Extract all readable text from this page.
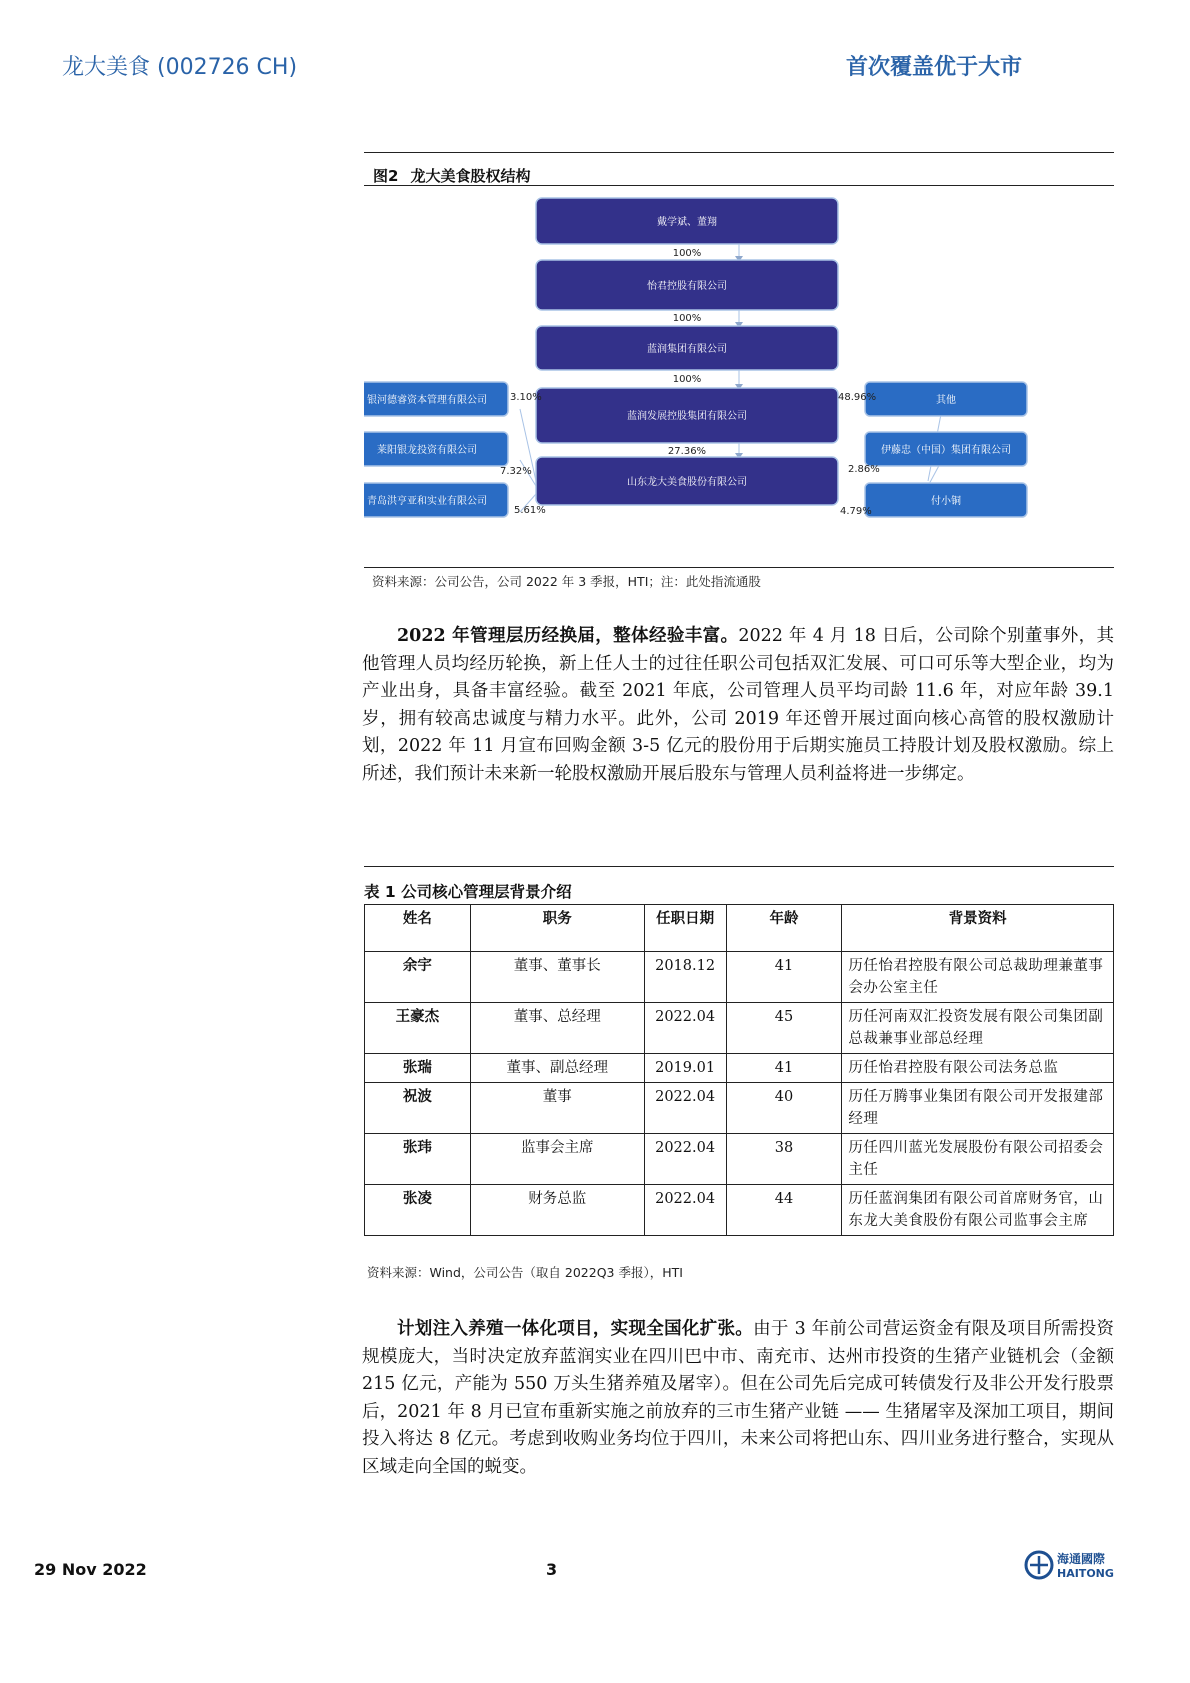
龙大美食 (002726 CH)	首次覆盖优于大市
图2 龙大美食股权结构
戴学斌、董翔
100%
怡君控股有限公司
100%
蓝润集团有限公司
100%
蓝润发展控股集团有限公司
27.36%
山东龙大美食股份有限公司
银河德睿资本管理有限公司 3.10%
莱阳银龙投资有限公司
7.32%
青岛洪亨亚和实业有限公司
5.61%
其他
48.96%
伊藤忠（中国）集团有限公司
2.86%
付小铜
4.79%
资料来源：公司公告，公司 2022 年 3 季报，HTI；注：此处指流通股

2022 年管理层历经换届，整体经验丰富。2022 年 4 月 18 日后，公司除个别董事外，其他管理人员均经历轮换，新上任人士的过往任职公司包括双汇发展、可口可乐等大型企业，均为产业出身，具备丰富经验。截至 2021 年底，公司管理人员平均司龄 11.6 年，对应年龄 39.1 岁，拥有较高忠诚度与精力水平。此外，公司 2019 年还曾开展过面向核心高管的股权激励计划，2022 年 11 月宣布回购金额 3-5 亿元的股份用于后期实施员工持股计划及股权激励。综上所述，我们预计未来新一轮股权激励开展后股东与管理人员利益将进一步绑定。

表 1 公司核心管理层背景介绍
姓名	职务	任职日期	年龄	背景资料
余宇	董事、董事长	2018.12	41	历任怡君控股有限公司总裁助理兼董事会办公室主任
王豪杰	董事、总经理	2022.04	45	历任河南双汇投资发展有限公司集团副总裁兼事业部总经理
张瑞	董事、副总经理	2019.01	41	历任怡君控股有限公司法务总监
祝波	董事	2022.04	40	历任万腾事业集团有限公司开发报建部经理
张玮	监事会主席	2022.04	38	历任四川蓝光发展股份有限公司招委会主任
张凌	财务总监	2022.04	44	历任蓝润集团有限公司首席财务官，山东龙大美食股份有限公司监事会主席
资料来源：Wind，公司公告（取自 2022Q3 季报），HTI

计划注入养殖一体化项目，实现全国化扩张。由于 3 年前公司营运资金有限及项目所需投资规模庞大，当时决定放弃蓝润实业在四川巴中市、南充市、达州市投资的生猪产业链机会（金额 215 亿元，产能为 550 万头生猪养殖及屠宰）。但在公司先后完成可转债发行及非公开发行股票后，2021 年 8 月已宣布重新实施之前放弃的三市生猪产业链 —— 生猪屠宰及深加工项目，期间投入将达 8 亿元。考虑到收购业务均位于四川，未来公司将把山东、四川业务进行整合，实现从区域走向全国的蜕变。

29 Nov 2022	3
海通國際
HAITONG
